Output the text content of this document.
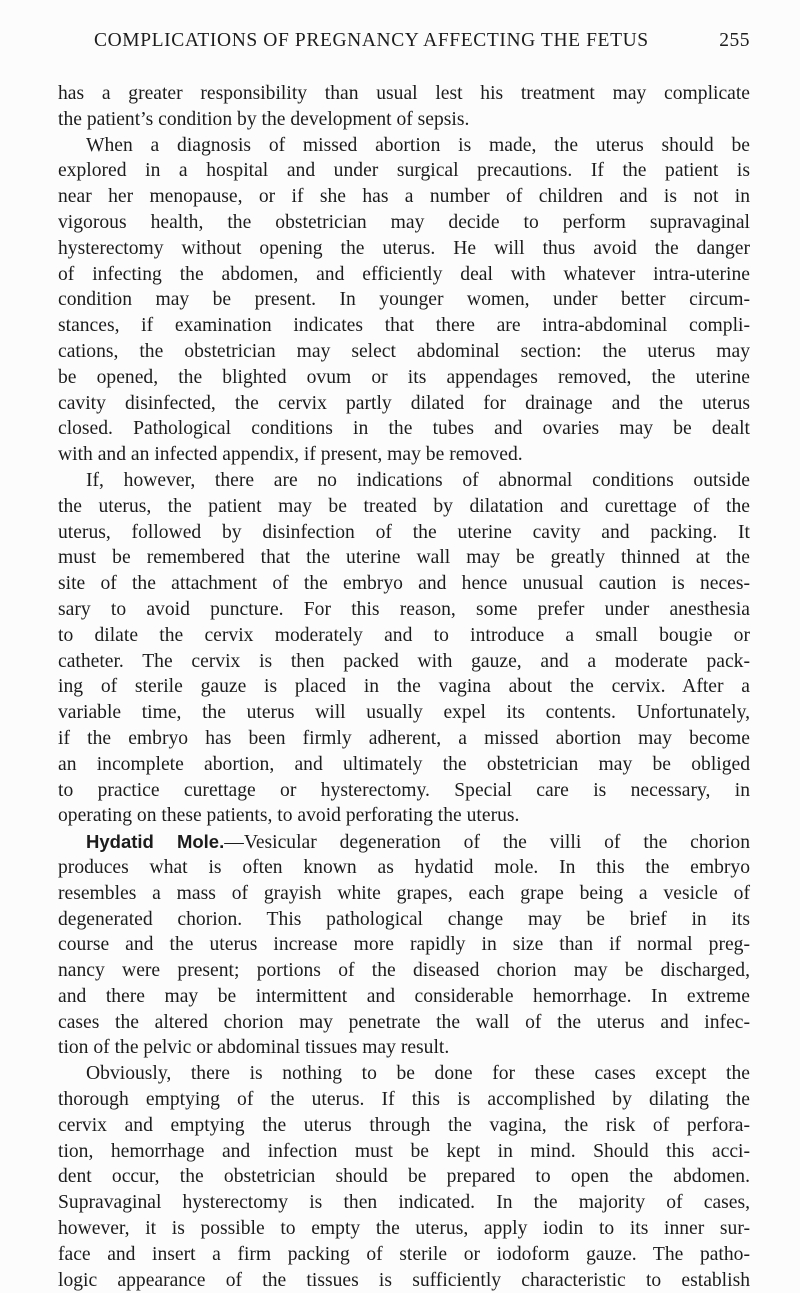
COMPLICATIONS OF PREGNANCY AFFECTING THE FETUS	255
has a greater responsibility than usual lest his treatment may complicate
the patient’s condition by the development of sepsis.
When a diagnosis of missed abortion is made, the uterus should be
explored in a hospital and under surgical precautions. If the patient is
near her menopause, or if she has a number of children and is not in
vigorous health, the obstetrician may decide to perform supravaginal
hysterectomy without opening the uterus. He will thus avoid the danger
of infecting the abdomen, and efficiently deal with whatever intra-uterine
condition may be present. In younger women, under better circum-
stances, if examination indicates that there are intra-abdominal compli-
cations, the obstetrician may select abdominal section: the uterus may
be opened, the blighted ovum or its appendages removed, the uterine
cavity disinfected, the cervix partly dilated for drainage and the uterus
closed. Pathological conditions in the tubes and ovaries may be dealt
with and an infected appendix, if present, may be removed.
If, however, there are no indications of abnormal conditions outside
the uterus, the patient may be treated by dilatation and curettage of the
uterus, followed by disinfection of the uterine cavity and packing. It
must be remembered that the uterine wall may be greatly thinned at the
site of the attachment of the embryo and hence unusual caution is neces-
sary to avoid puncture. For this reason, some prefer under anesthesia
to dilate the cervix moderately and to introduce a small bougie or
catheter. The cervix is then packed with gauze, and a moderate pack-
ing of sterile gauze is placed in the vagina about the cervix. After a
variable time, the uterus will usually expel its contents. Unfortunately,
if the embryo has been firmly adherent, a missed abortion may become
an incomplete abortion, and ultimately the obstetrician may be obliged
to practice curettage or hysterectomy. Special care is necessary, in
operating on these patients, to avoid perforating the uterus.
Hydatid Mole.—Vesicular degeneration of the villi of the chorion
produces what is often known as hydatid mole. In this the embryo
resembles a mass of grayish white grapes, each grape being a vesicle of
degenerated chorion. This pathological change may be brief in its
course and the uterus increase more rapidly in size than if normal preg-
nancy were present; portions of the diseased chorion may be discharged,
and there may be intermittent and considerable hemorrhage. In extreme
cases the altered chorion may penetrate the wall of the uterus and infec-
tion of the pelvic or abdominal tissues may result.
Obviously, there is nothing to be done for these cases except the
thorough emptying of the uterus. If this is accomplished by dilating the
cervix and emptying the uterus through the vagina, the risk of perfora-
tion, hemorrhage and infection must be kept in mind. Should this acci-
dent occur, the obstetrician should be prepared to open the abdomen.
Supravaginal hysterectomy is then indicated. In the majority of cases,
however, it is possible to empty the uterus, apply iodin to its inner sur-
face and insert a firm packing of sterile or iodoform gauze. The patho-
logic appearance of the tissues is sufficiently characteristic to establish
